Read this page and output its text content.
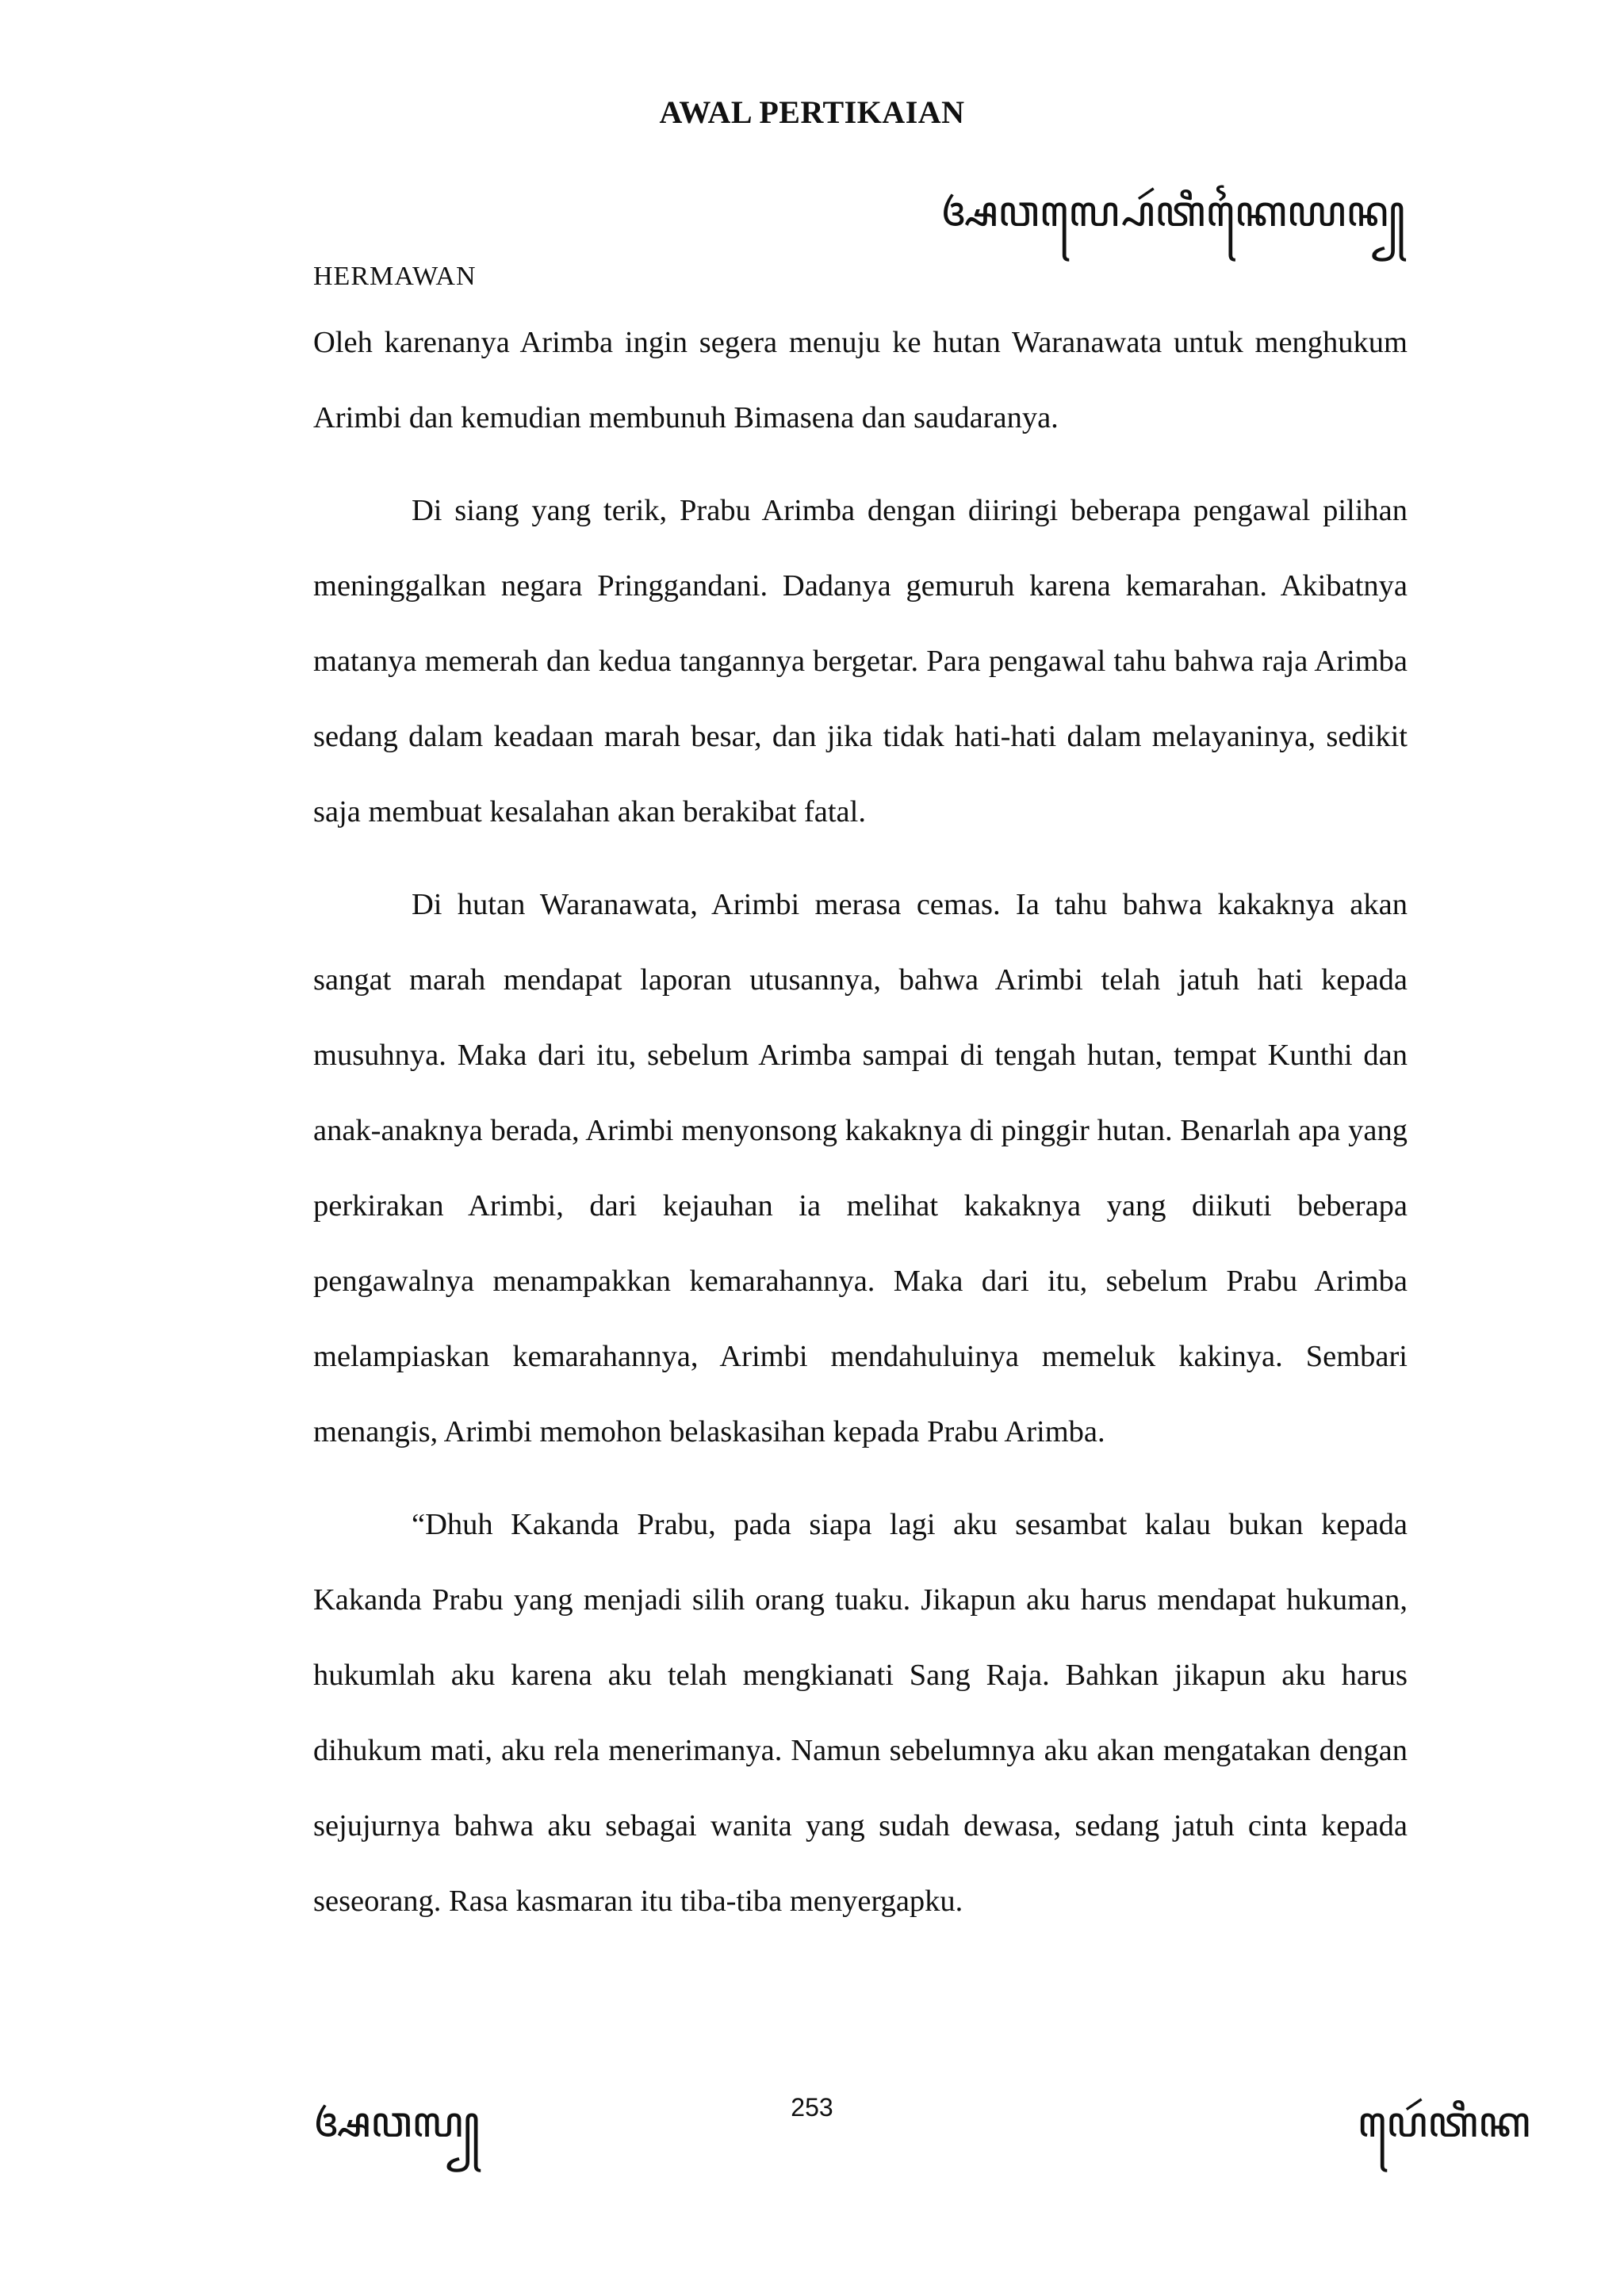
AWAL PERTIKAIAN
ꦄꦮꦭ꧀ꦥꦺꦂꦠꦶꦏꦻꦪꦤ꧀
HERMAWAN

Oleh karenanya Arimba ingin segera menuju ke hutan Waranawata untuk menghukum Arimbi dan kemudian membunuh Bimasena dan saudaranya.

Di siang yang terik, Prabu Arimba dengan diiringi beberapa pengawal pilihan meninggalkan negara Pringgandani. Dadanya gemuruh karena kemarahan. Akibatnya matanya memerah dan kedua tangannya bergetar. Para pengawal tahu bahwa raja Arimba sedang dalam keadaan marah besar, dan jika tidak hati-hati dalam melayaninya, sedikit saja membuat kesalahan akan berakibat fatal.

Di hutan Waranawata, Arimbi merasa cemas. Ia tahu bahwa kakaknya akan sangat marah mendapat laporan utusannya, bahwa Arimbi telah jatuh hati kepada musuhnya. Maka dari itu, sebelum Arimba sampai di tengah hutan, tempat Kunthi dan anak-anaknya berada, Arimbi menyonsong kakaknya di pinggir hutan. Benarlah apa yang perkirakan Arimbi, dari kejauhan ia melihat kakaknya yang diikuti beberapa pengawalnya menampakkan kemarahannya. Maka dari itu, sebelum Prabu Arimba melampiaskan kemarahannya, Arimbi mendahuluinya memeluk kakinya. Sembari menangis, Arimbi memohon belaskasihan kepada Prabu Arimba.

“Dhuh Kakanda Prabu, pada siapa lagi aku sesambat kalau bukan kepada Kakanda Prabu yang menjadi silih orang tuaku. Jikapun aku harus mendapat hukuman, hukumlah aku karena aku telah mengkianati Sang Raja. Bahkan jikapun aku harus dihukum mati, aku rela menerimanya. Namun sebelumnya aku akan mengatakan dengan sejujurnya bahwa aku sebagai wanita yang sudah dewasa, sedang jatuh cinta kepada seseorang. Rasa kasmaran itu tiba-tiba menyergapku.

253
ꦄꦮꦭ꧀	ꦥꦺꦂꦠꦶꦏ
